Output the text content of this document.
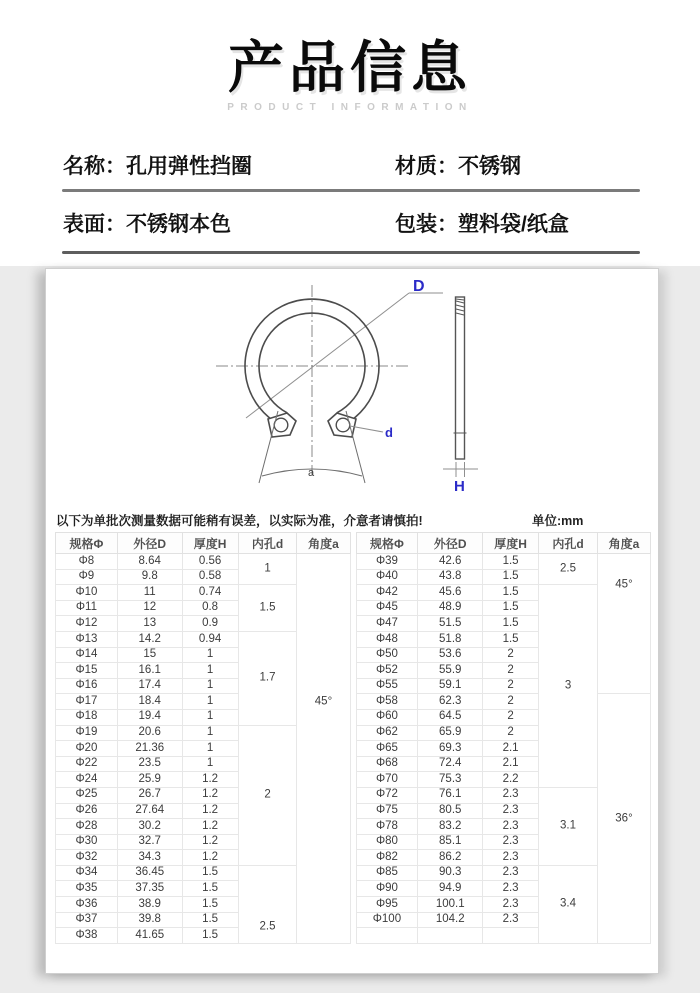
产品信息
PRODUCT INFORMATION
名称：孔用弹性挡圈	材质：不锈钢
表面：不锈钢本色	包装：塑料袋/纸盒
a
D
d
H
以下为单批次测量数据可能稍有误差，以实际为准，介意者请慎拍!	单位:mm
规格Φ	外径D	厚度H	内孔d	角度a
Φ8	8.64	0.56	1	45°

Φ9	9.8	0.58		
Φ10	11	0.74	1.5	

Φ11	12	0.8		
Φ12	13	0.9		
Φ13	14.2	0.94	1.7	

Φ14	15	1		
Φ15	16.1	1		
Φ16	17.4	1		
Φ17	18.4	1		
Φ18	19.4	1		
Φ19	20.6	1	2	

Φ20	21.36	1		
Φ22	23.5	1		
Φ24	25.9	1.2		
Φ25	26.7	1.2		
Φ26	27.64	1.2		
Φ28	30.2	1.2		
Φ30	32.7	1.2		
Φ32	34.3	1.2		
Φ34	36.45	1.5	2.5	

Φ35	37.35	1.5		
Φ36	38.9	1.5		
Φ37	39.8	1.5		
Φ38	41.65	1.5		
规格Φ	外径D	厚度H	内孔d	角度a
Φ39	42.6	1.5	2.5	45°

Φ40	43.8	1.5		
Φ42	45.6	1.5	3	

Φ45	48.9	1.5		
Φ47	51.5	1.5		
Φ48	51.8	1.5		
Φ50	53.6	2		
Φ52	55.9	2		
Φ55	59.1	2		
Φ58	62.3	2		36°

Φ60	64.5	2		
Φ62	65.9	2		
Φ65	69.3	2.1		
Φ68	72.4	2.1		
Φ70	75.3	2.2		
Φ72	76.1	2.3	3.1	

Φ75	80.5	2.3		
Φ78	83.2	2.3		
Φ80	85.1	2.3		
Φ82	86.2	2.3		
Φ85	90.3	2.3	3.4	

Φ90	94.9	2.3		
Φ95	100.1	2.3		
Φ100	104.2	2.3		
